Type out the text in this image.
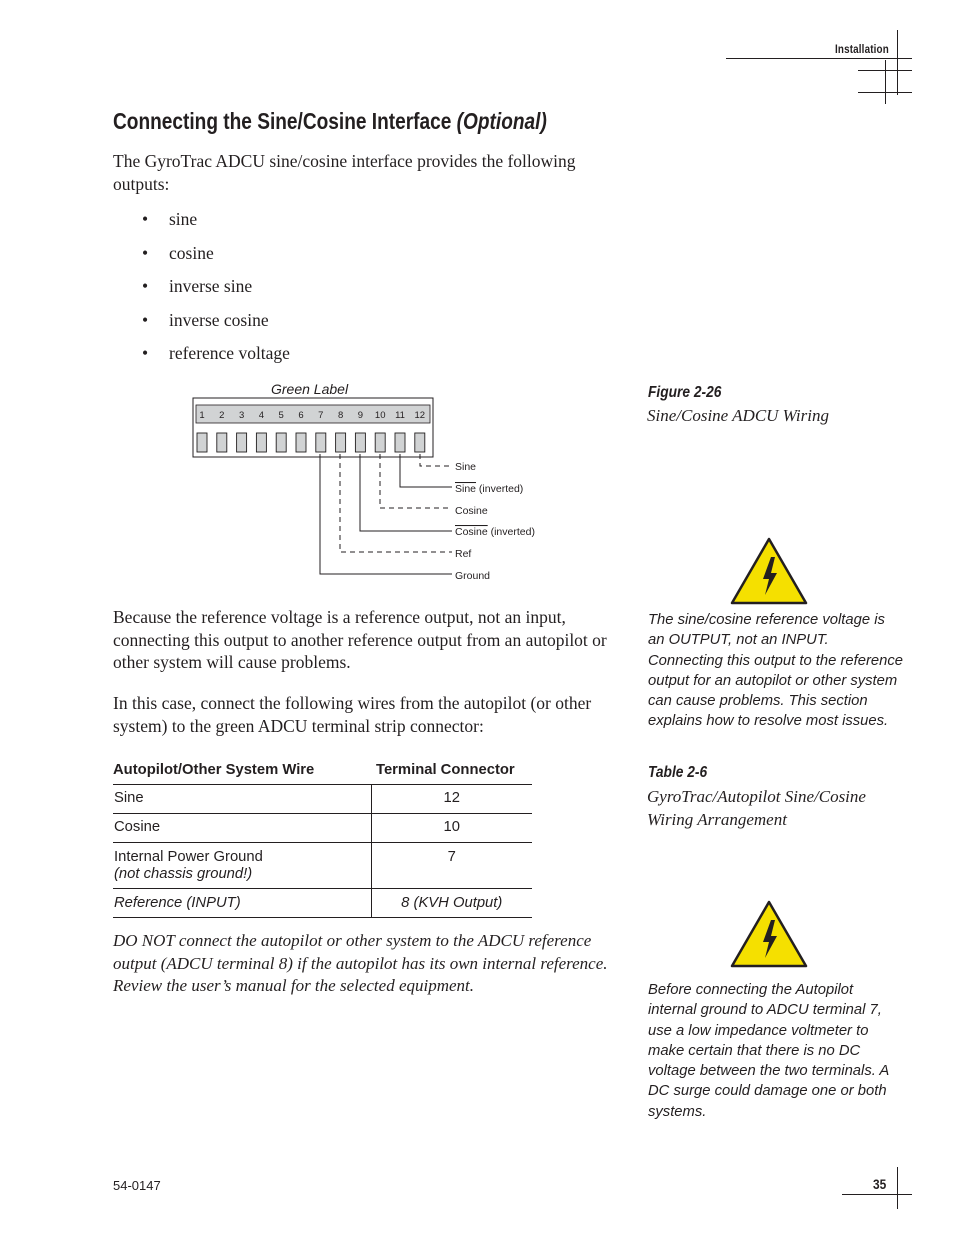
Installation
Connecting the Sine/Cosine Interface (Optional)
The GyroTrac ADCU sine/cosine interface provides the following outputs:
• sine
• cosine
• inverse sine
• inverse cosine
• reference voltage
Figure 2-26
Sine/Cosine ADCU Wiring
Green Label
1 2 3 4 5 6 7 8 9 10 11 12
Sine
Sine (inverted)
Cosine
Cosine (inverted)
Ref
Ground
The sine/cosine reference voltage is an OUTPUT, not an INPUT. Connecting this output to the reference output for an autopilot or other system can cause problems. This section explains how to resolve most issues.
Because the reference voltage is a reference output, not an input, connecting this output to another reference output from an autopilot or other system will cause problems.
In this case, connect the following wires from the autopilot (or other system) to the green ADCU terminal strip connector:
Table 2-6
GyroTrac/Autopilot Sine/Cosine Wiring Arrangement
Autopilot/Other System Wire	Terminal Connector
Sine	12
Cosine	10

Internal Power Ground
(not chassis ground!)	7
Reference (INPUT)	8 (KVH Output)
DO NOT connect the autopilot or other system to the ADCU reference output (ADCU terminal 8) if the autopilot has its own internal reference. Review the user’s manual for the selected equipment.	Before connecting the Autopilot internal ground to ADCU terminal 7, use a low impedance voltmeter to make certain that there is no DC voltage between the two terminals. A DC surge could damage one or both systems.
54-0147	35
